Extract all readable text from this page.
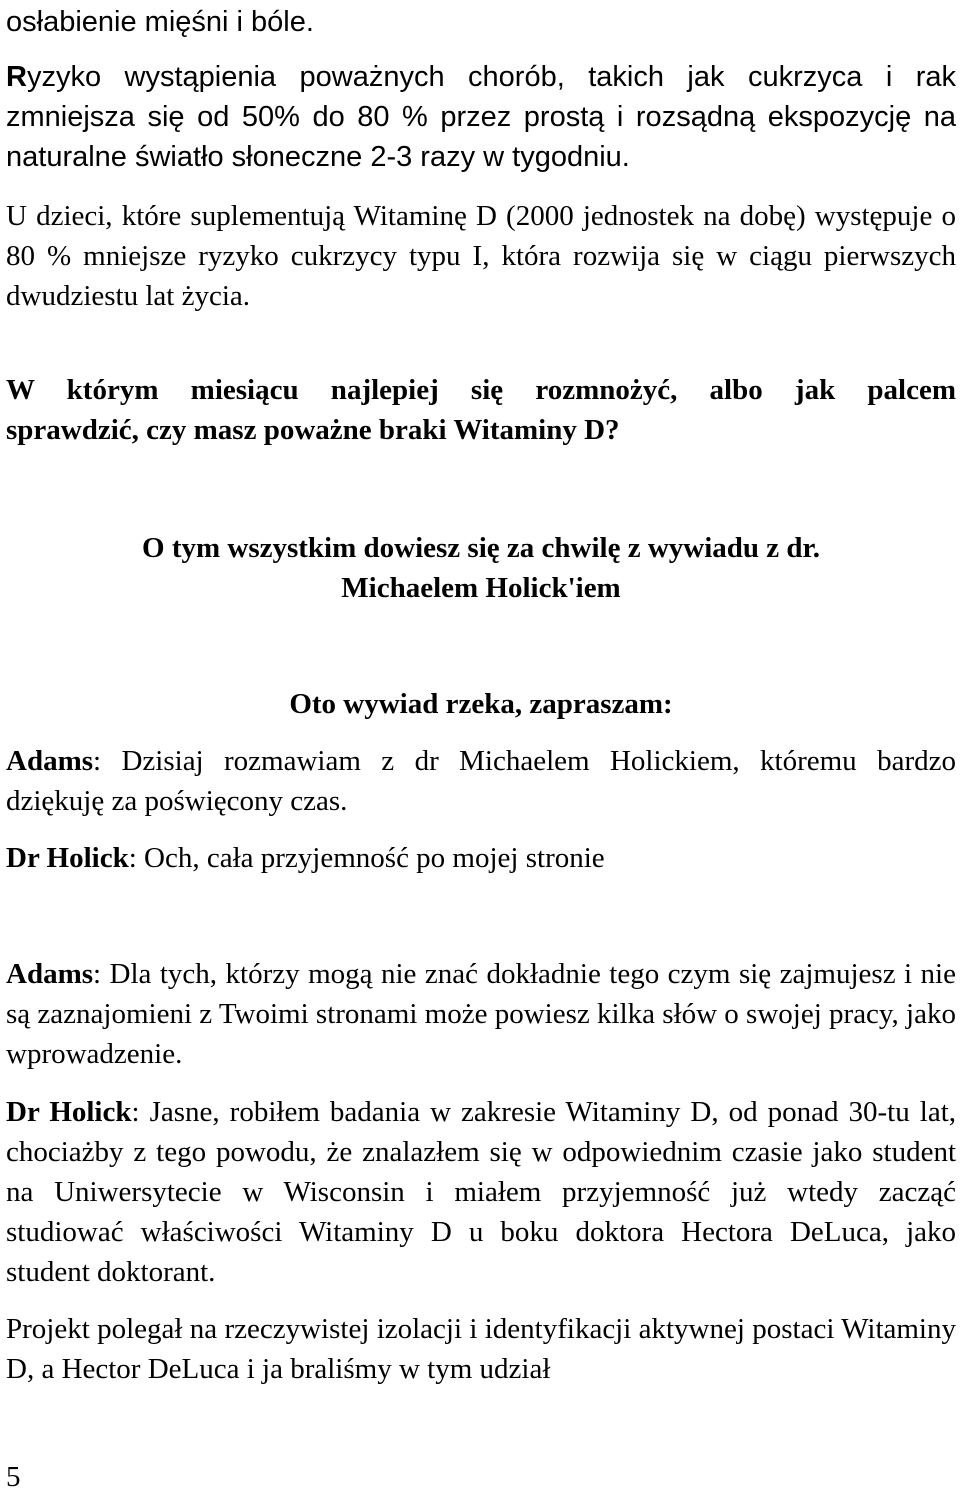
osłabienie mięśni i bóle.

Ryzyko wystąpienia poważnych chorób, takich jak cukrzyca i rak zmniejsza się od 50% do 80 % przez prostą i rozsądną ekspozycję na naturalne światło słoneczne 2-3 razy w tygodniu.

U dzieci, które suplementują Witaminę D (2000 jednostek na dobę) występuje o 80 % mniejsze ryzyko cukrzycy typu I, która rozwija się w ciągu pierwszych dwudziestu lat życia.

W którym miesiącu najlepiej się rozmnożyć, albo jak palcem
sprawdzić, czy masz poważne braki Witaminy D?

O tym wszystkim dowiesz się za chwilę z wywiadu z dr.
Michaelem Holick'iem

Oto wywiad rzeka, zapraszam:

Adams: Dzisiaj rozmawiam z dr Michaelem Holickiem, któremu bardzo dziękuję za poświęcony czas.

Dr Holick: Och, cała przyjemność po mojej stronie

Adams: Dla tych, którzy mogą nie znać dokładnie tego czym się zajmujesz i nie są zaznajomieni z Twoimi stronami może powiesz kilka słów o swojej pracy, jako wprowadzenie.

Dr Holick: Jasne, robiłem badania w zakresie Witaminy D, od ponad 30-tu lat, chociażby z tego powodu, że znalazłem się w odpowiednim czasie jako student na Uniwersytecie w Wisconsin i miałem przyjemność już wtedy zacząć studiować właściwości Witaminy D u boku doktora Hectora DeLuca, jako student doktorant.

Projekt polegał na rzeczywistej izolacji i identyfikacji aktywnej postaci Witaminy D, a Hector DeLuca i ja braliśmy w tym udział

5
